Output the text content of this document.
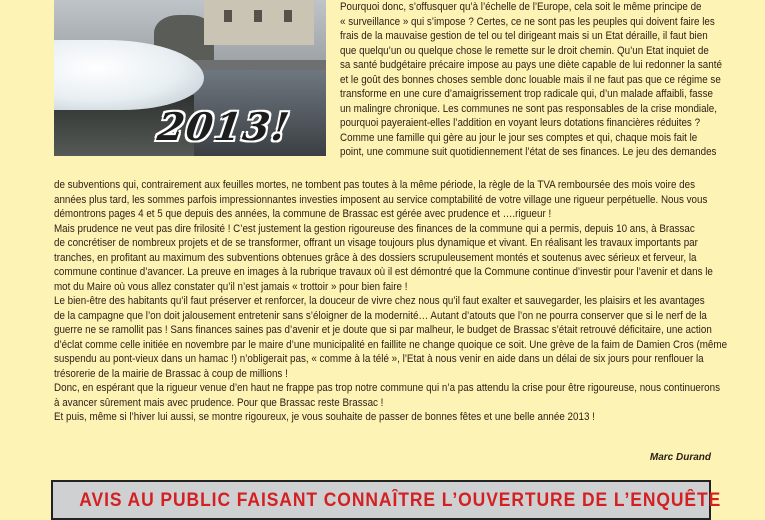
2013!

Pourquoi donc, s’offusquer qu’à l’échelle de l’Europe, cela soit le même principe de

« surveillance » qui s’impose ? Certes, ce ne sont pas les peuples qui doivent faire les

frais de la mauvaise gestion de tel ou tel dirigeant mais si un Etat déraille, il faut bien

que quelqu’un ou quelque chose le remette sur le droit chemin. Qu’un Etat inquiet de

sa santé budgétaire précaire impose au pays une diète capable de lui redonner la santé

et le goût des bonnes choses semble donc louable mais il ne faut pas que ce régime se

transforme en une cure d’amaigrissement trop radicale qui, d’un malade affaibli, fasse

un malingre chronique. Les communes ne sont pas responsables de la crise mondiale,

pourquoi payeraient-elles l’addition en voyant leurs dotations financières réduites ?

Comme une famille qui gère au jour le jour ses comptes et qui, chaque mois fait le

point, une commune suit quotidiennement l’état de ses finances. Le jeu des demandes

de subventions qui, contrairement aux feuilles mortes, ne tombent pas toutes à la même période, la règle de la TVA remboursée des mois voire des

années plus tard, les sommes parfois impressionnantes investies imposent au service comptabilité de votre village une rigueur perpétuelle. Nous vous

démontrons pages 4 et 5 que depuis des années, la commune de Brassac est gérée avec prudence et ….rigueur !

Mais prudence ne veut pas dire frilosité ! C’est justement la gestion rigoureuse des finances de la commune qui a permis, depuis 10 ans, à Brassac

de concrétiser de nombreux projets et de se transformer, offrant un visage toujours plus dynamique et vivant. En réalisant les travaux importants par

tranches, en profitant au maximum des subventions obtenues grâce à des dossiers scrupuleusement montés et soutenus avec sérieux et ferveur, la

commune continue d’avancer. La preuve en images à la rubrique travaux où il est démontré que la Commune continue d’investir pour l’avenir et dans le

mot du Maire où vous allez constater qu’il n’est jamais « trottoir » pour bien faire !

Le bien-être des habitants qu’il faut préserver et renforcer, la douceur de vivre chez nous qu’il faut exalter et sauvegarder, les plaisirs et les avantages

de la campagne que l’on doit jalousement entretenir sans s’éloigner de la modernité… Autant d’atouts que l’on ne pourra conserver que si le nerf de la

guerre ne se ramollit pas ! Sans finances saines pas d’avenir et je doute que si par malheur, le budget de Brassac s’était retrouvé déficitaire, une action

d’éclat comme celle initiée en novembre par le maire d’une municipalité en faillite ne change quoique ce soit. Une grève de la faim de Damien Cros (même

suspendu au pont-vieux dans un hamac !) n’obligerait pas, « comme à la télé », l’Etat à nous venir en aide dans un délai de six jours pour renflouer la

trésorerie de la mairie de Brassac à coup de millions !

Donc, en espérant que la rigueur venue d’en haut ne frappe pas trop notre commune qui n’a pas attendu la crise pour être rigoureuse, nous continuerons

à avancer sûrement mais avec prudence. Pour que Brassac reste Brassac !

Et puis, même si l’hiver lui aussi, se montre rigoureux, je vous souhaite de passer de bonnes fêtes et une belle année 2013 !

Marc Durand

AVIS AU PUBLIC FAISANT CONNAÎTRE L’OUVERTURE DE L’ENQUÊTE
